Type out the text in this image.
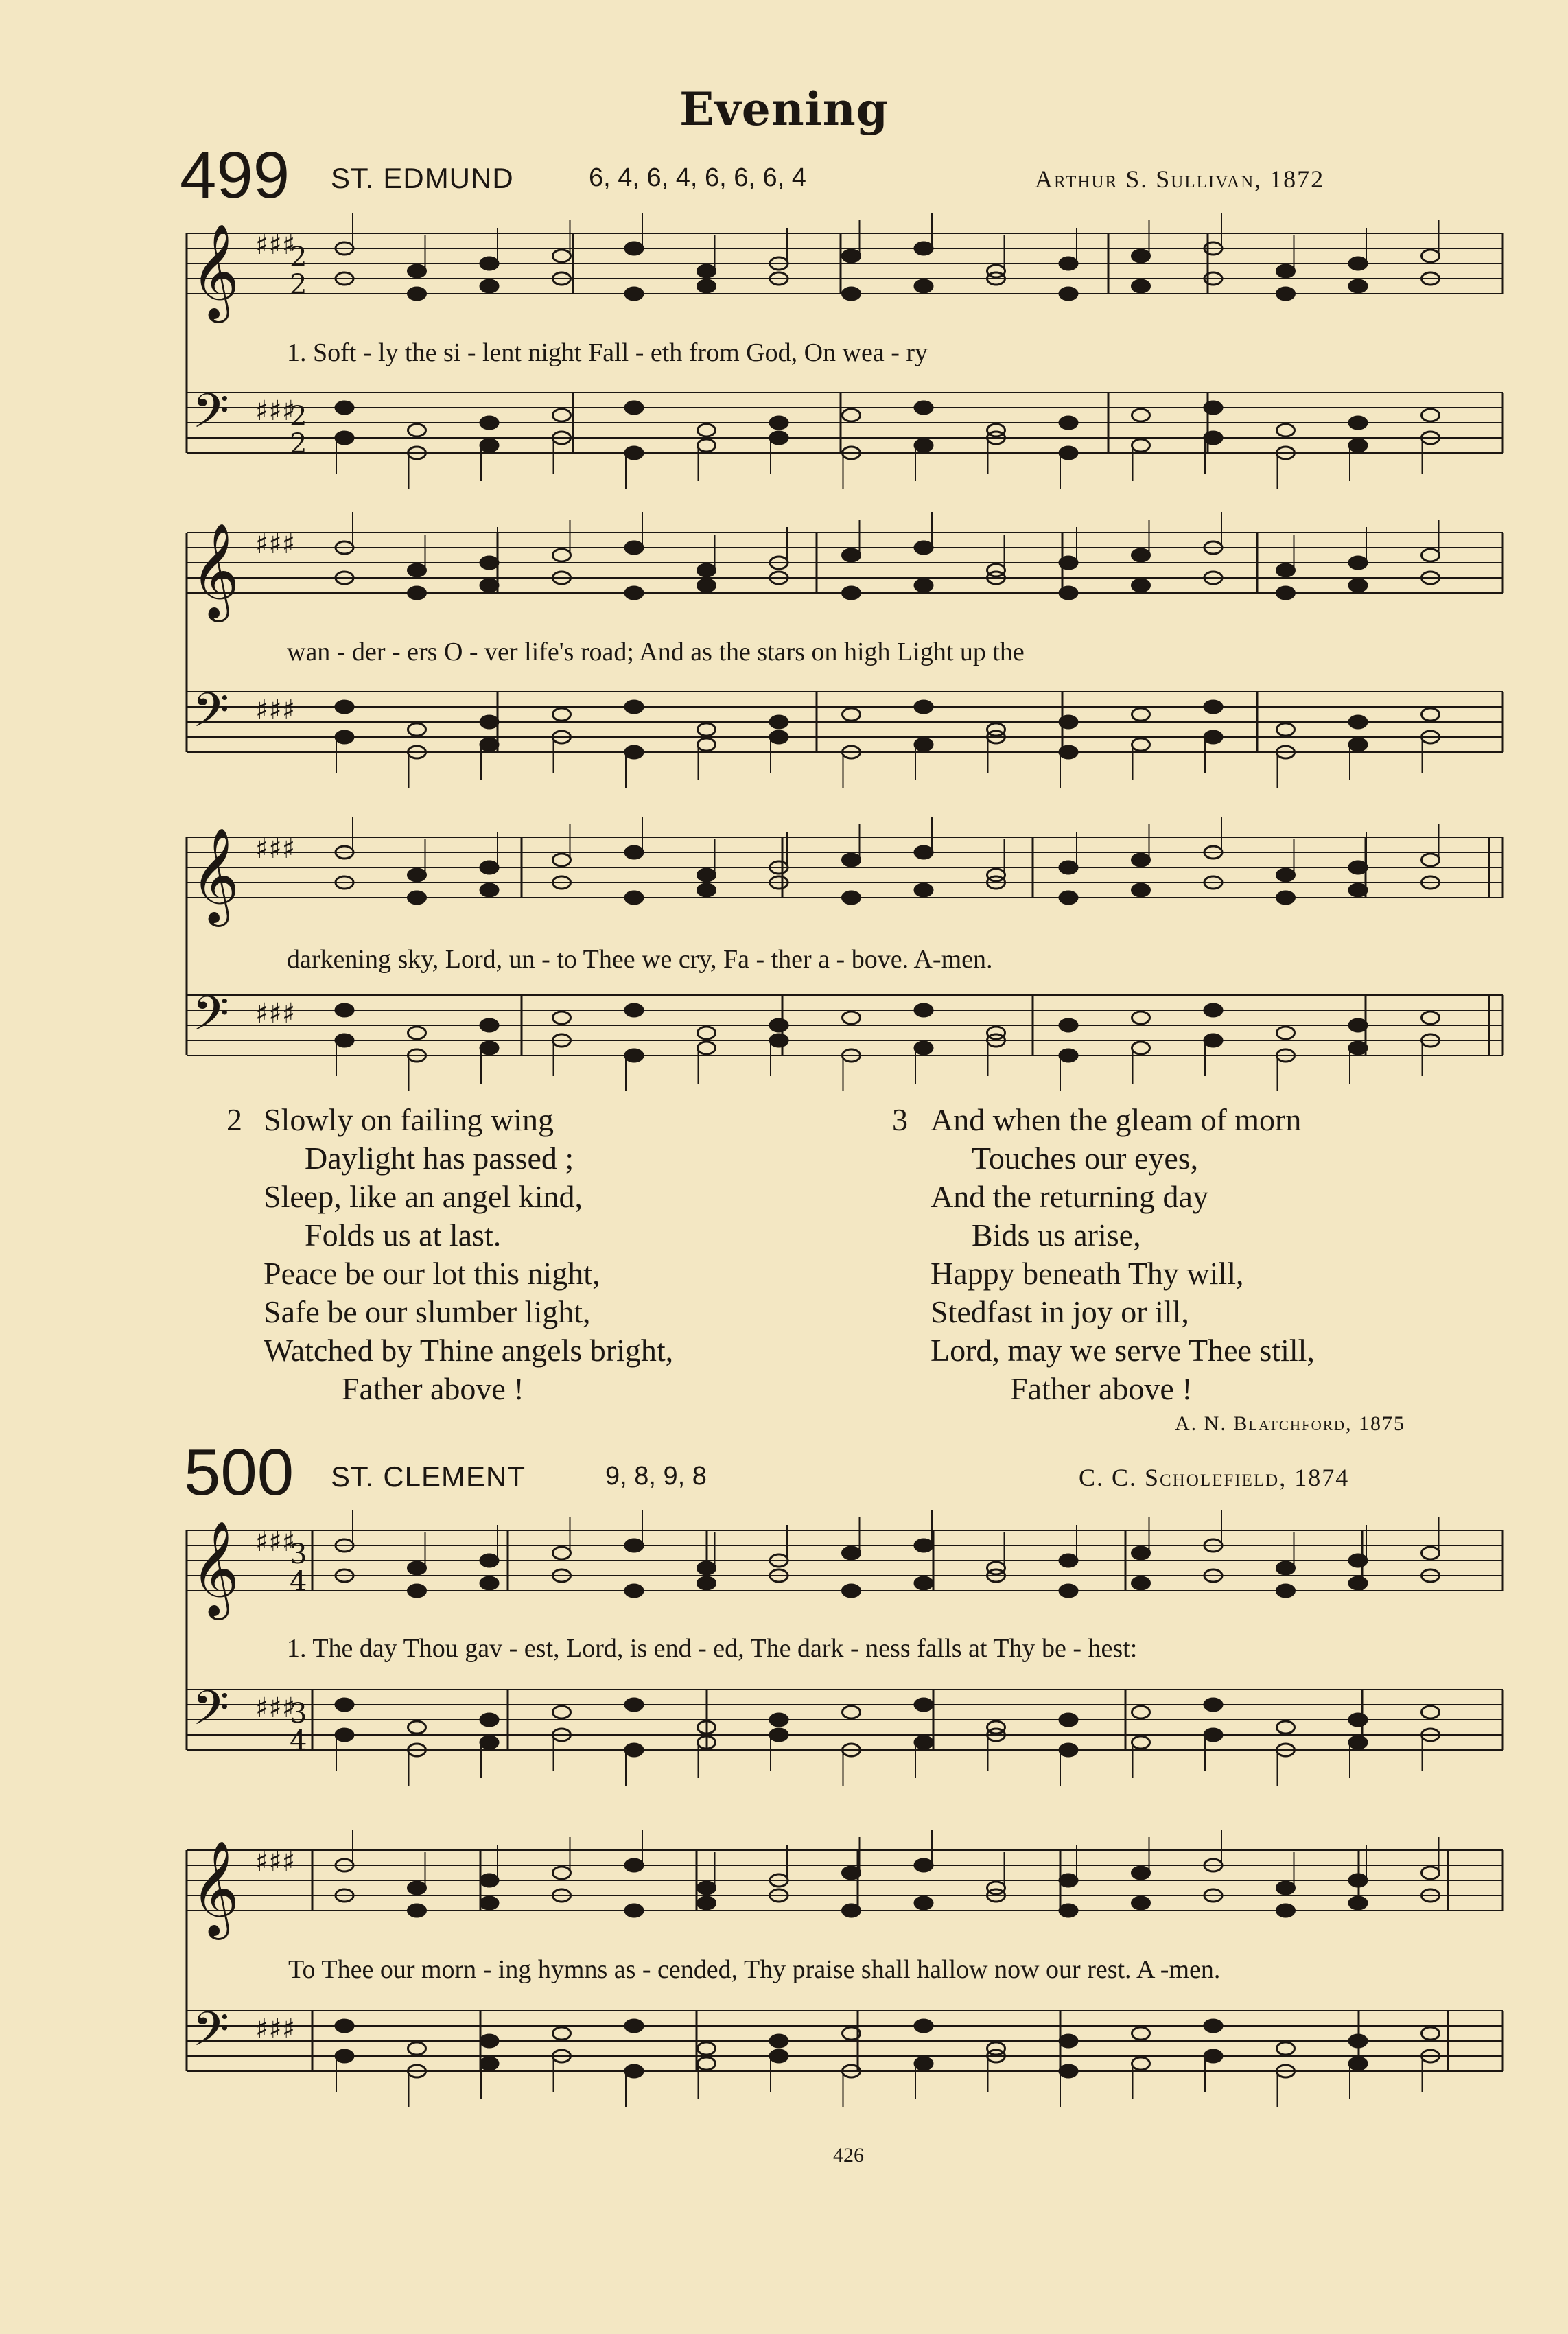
Evening
499 ST. EDMUND	6, 4, 6, 4, 6, 6, 6, 4	Arthur S. Sullivan, 1872
𝄞
𝄢
♯♯♯
♯♯♯
𝄞
𝄢
♯♯♯
♯♯♯
𝄞
𝄢
♯♯♯
♯♯♯
𝄞
𝄢
♯♯♯
♯♯♯
𝄞
𝄢
♯♯♯
♯♯♯
2
2
2
2
3
4
3
4
1. Soft - ly the si - lent night Fall - eth from God, On wea - ry
wan - der - ers O - ver life's road; And as the stars on high Light up the
darkening sky, Lord, un - to Thee we cry, Fa - ther a - bove. A-men.
2 Slowly on failing wing
Daylight has passed ;
Sleep, like an angel kind,
Folds us at last.
Peace be our lot this night,
Safe be our slumber light,
Watched by Thine angels bright,
Father above !
3 And when the gleam of morn
Touches our eyes,
And the returning day
Bids us arise,
Happy beneath Thy will,
Stedfast in joy or ill,
Lord, may we serve Thee still,
Father above !
A. N. Blatchford, 1875
500 ST. CLEMENT	9, 8, 9, 8	C. C. Scholefield, 1874
1. The day Thou gav - est, Lord, is end - ed, The dark - ness falls at Thy be - hest:
To Thee our morn - ing hymns as - cended, Thy praise shall hallow now our rest. A -men.
426
